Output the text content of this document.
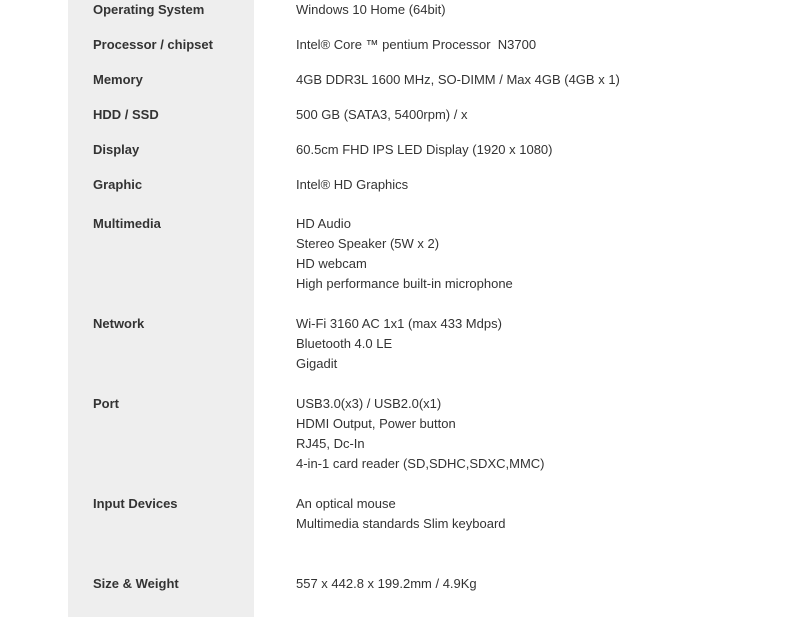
Operating System	Windows 10 Home (64bit)
Processor / chipset	Intel® Core ™ pentium Processor  N3700
Memory	4GB DDR3L 1600 MHz, SO-DIMM / Max 4GB (4GB x 1)
HDD / SSD	500 GB (SATA3, 5400rpm) / x
Display	60.5cm FHD IPS LED Display (1920 x 1080)
Graphic	Intel® HD Graphics
Multimedia	HD Audio
Stereo Speaker (5W x 2)
HD webcam
High performance built-in microphone
Network	Wi-Fi 3160 AC 1x1 (max 433 Mdps)
Bluetooth 4.0 LE
Gigadit
Port	USB3.0(x3) / USB2.0(x1)
HDMI Output, Power button
RJ45, Dc-In
4-in-1 card reader (SD,SDHC,SDXC,MMC)
Input Devices	An optical mouse
Multimedia standards Slim keyboard
Size & Weight	557 x 442.8 x 199.2mm / 4.9Kg
